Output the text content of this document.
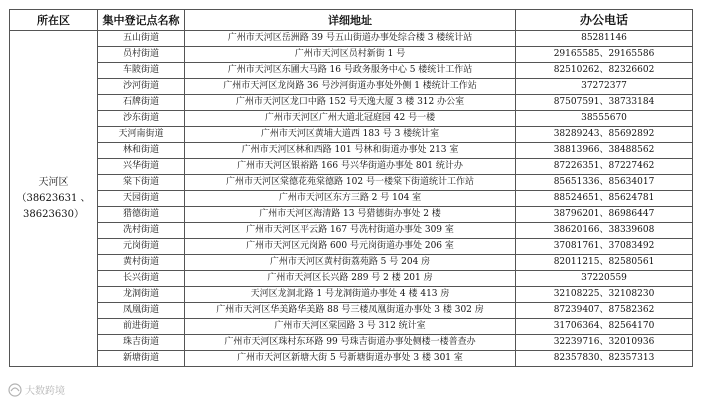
所在区	集中登记点名称	详细地址	办公电话

天河区
（38623631 、38623630）	五山街道	广州市天河区岳洲路 39 号五山街道办事处综合楼 3 楼统计站	85281146
	员村街道	广州市天河区员村新街 1 号	29165585、29165586
	车陂街道	广州市天河区东圃大马路 16 号政务服务中心 5 楼统计工作站	82510262、82326602
	沙河街道	广州市天河区龙岗路 36 号沙河街道办事处外侧 1 楼统计工作站	37272377
	石牌街道	广州市天河区龙口中路 152 号天逸大厦 3 楼 312 办公室	87507591、38733184
	沙东街道	广州市天河区广州大道北冠庭园 42 号一楼	38555670
	天河南街道	广州市天河区黄埔大道西 183 号 3 楼统计室	38289243、85692892
	林和街道	广州市天河区林和西路 101 号林和街道办事处 213 室	38813966、38488562
	兴华街道	广州市天河区银裕路 166 号兴华街道办事处 801 统计办	87226351、87227462
	棠下街道	广州市天河区棠德花苑棠德路 102 号一楼棠下街道统计工作站	85651336、85634017
	天园街道	广州市天河区东方三路 2 号 104 室	88524651、85624781
	猎德街道	广州市天河区海清路 13 号猎德街办事处 2 楼	38796201、86986447
	冼村街道	广州市天河区平云路 167 号冼村街道办事处 309 室	38620166、38339608
	元岗街道	广州市天河区元岗路 600 号元岗街道办事处 206 室	37081761、37083492
	黄村街道	广州市天河区黄村街荔苑路 5 号 204 房	82011215、82580561
	长兴街道	广州市天河区长兴路 289 号 2 楼 201 房	37220559
	龙洞街道	天河区龙洞北路 1 号龙洞街道办事处 4 楼 413 房	32108225、32108230
	凤凰街道	广州市天河区华美路华美路 88 号三楼凤凰街道办事处 3 楼 302 房	87239407、87582362
	前进街道	广州市天河区棠园路 3 号 312 统计室	31706364、82564170
	珠吉街道	广州市天河区珠村东环路 99 号珠吉街道办事处侧楼一楼普查办	32239716、32010936
	新塘街道	广州市天河区新塘大街 5 号新塘街道办事处 3 楼 301 室	82357830、82357313
大数跨境
